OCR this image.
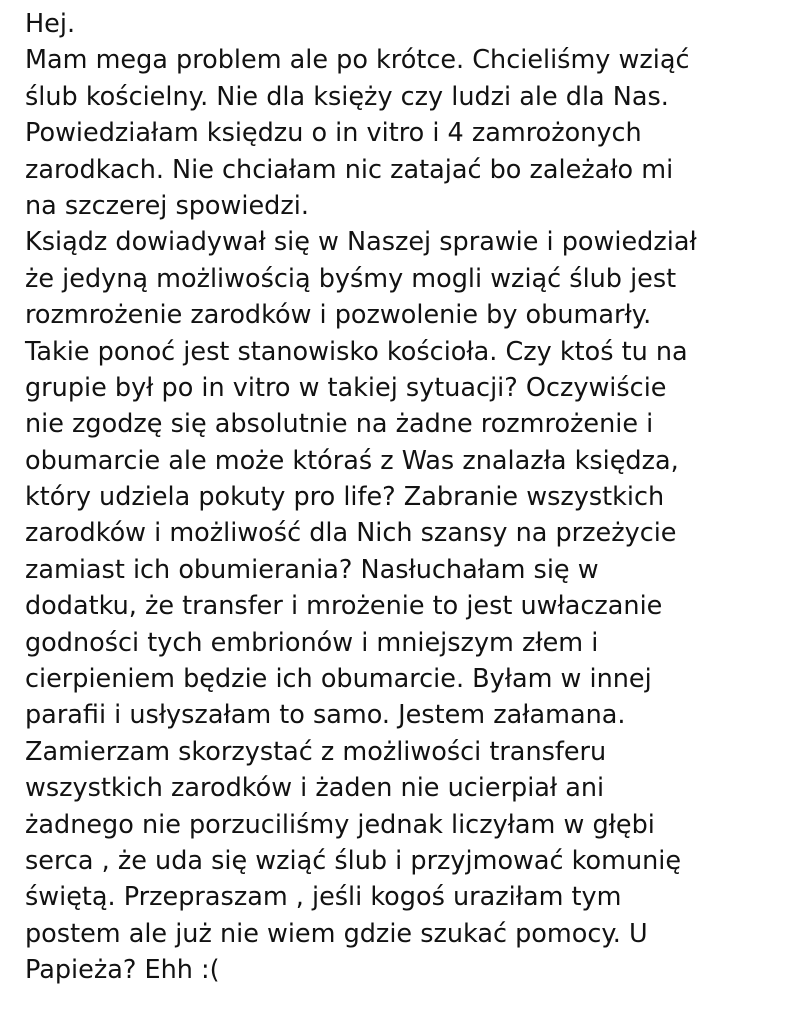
Hej.
Mam mega problem ale po krótce. Chcieliśmy wziąć
ślub kościelny. Nie dla księży czy ludzi ale dla Nas.
Powiedziałam księdzu o in vitro i 4 zamrożonych
zarodkach. Nie chciałam nic zatajać bo zależało mi
na szczerej spowiedzi.
Ksiądz dowiadywał się w Naszej sprawie i powiedział
że jedyną możliwością byśmy mogli wziąć ślub jest
rozmrożenie zarodków i pozwolenie by obumarły.
Takie ponoć jest stanowisko kościoła. Czy ktoś tu na
grupie był po in vitro w takiej sytuacji? Oczywiście
nie zgodzę się absolutnie na żadne rozmrożenie i
obumarcie ale może któraś z Was znalazła księdza,
który udziela pokuty pro life? Zabranie wszystkich
zarodków i możliwość dla Nich szansy na przeżycie
zamiast ich obumierania? Nasłuchałam się w
dodatku, że transfer i mrożenie to jest uwłaczanie
godności tych embrionów i mniejszym złem i
cierpieniem będzie ich obumarcie. Byłam w innej
parafii i usłyszałam to samo. Jestem załamana.
Zamierzam skorzystać z możliwości transferu
wszystkich zarodków i żaden nie ucierpiał ani
żadnego nie porzuciliśmy jednak liczyłam w głębi
serca , że uda się wziąć ślub i przyjmować komunię
świętą. Przepraszam , jeśli kogoś uraziłam tym
postem ale już nie wiem gdzie szukać pomocy. U
Papieża? Ehh :(
